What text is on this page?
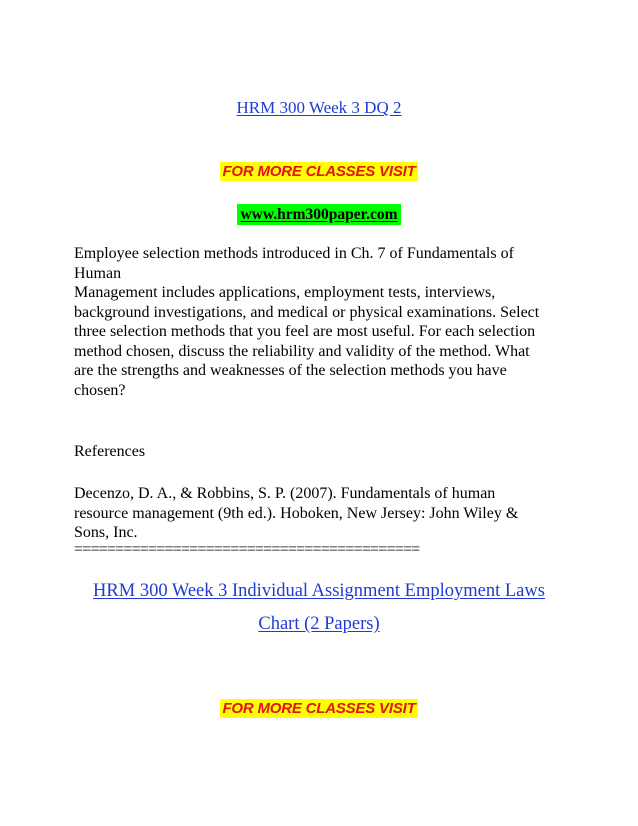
HRM 300 Week 3 DQ 2
FOR MORE CLASSES VISIT
www.hrm300paper.com
Employee selection methods introduced in Ch. 7 of Fundamentals of
Human
Management includes applications, employment tests, interviews,
background investigations, and medical or physical examinations. Select
three selection methods that you feel are most useful. For each selection
method chosen, discuss the reliability and validity of the method. What
are the strengths and weaknesses of the selection methods you have
chosen?
References
Decenzo, D. A., & Robbins, S. P. (2007). Fundamentals of human
resource management (9th ed.). Hoboken, New Jersey: John Wiley &
Sons, Inc.
==========================================
HRM 300 Week 3 Individual Assignment Employment Laws
Chart (2 Papers)
FOR MORE CLASSES VISIT
